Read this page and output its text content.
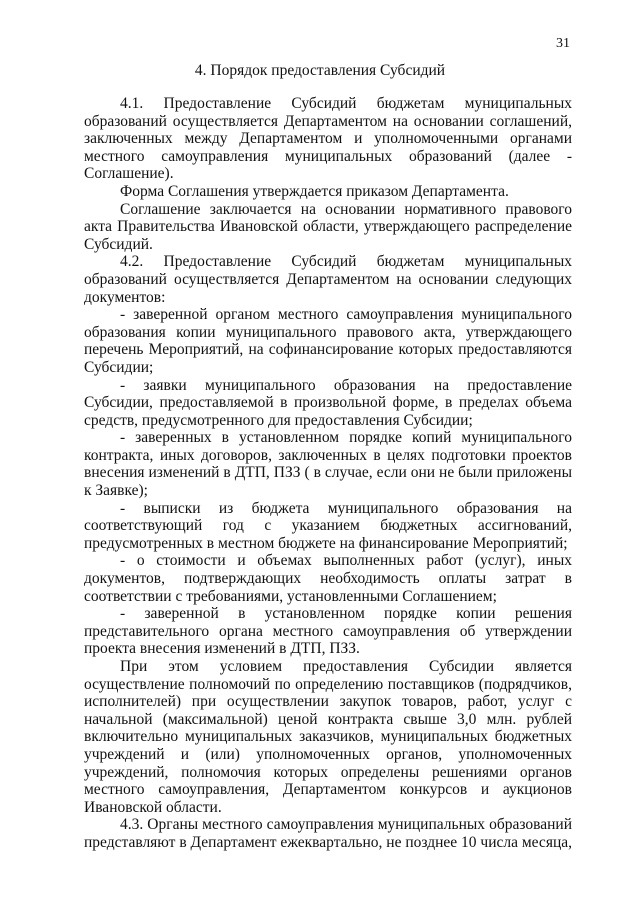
31
4. Порядок предоставления Субсидий

4.1. Предоставление Субсидий бюджетам муниципальных образований осуществляется Департаментом на основании соглашений, заключенных между Департаментом и уполномоченными органами местного самоуправления муниципальных образований (далее - Соглашение).

Форма Соглашения утверждается приказом Департамента.

Соглашение заключается на основании нормативного правового акта Правительства Ивановской области, утверждающего распределение Субсидий.

4.2. Предоставление Субсидий бюджетам муниципальных образований осуществляется Департаментом на основании следующих документов:

- заверенной органом местного самоуправления муниципального образования копии муниципального правового акта, утверждающего перечень Мероприятий, на софинансирование которых предоставляются Субсидии;

- заявки муниципального образования на предоставление Субсидии, предоставляемой в произвольной форме, в пределах объема средств, предусмотренного для предоставления Субсидии;

- заверенных в установленном порядке копий муниципального контракта, иных договоров, заключенных в целях подготовки проектов внесения изменений в ДТП, ПЗЗ ( в случае, если они не были приложены к Заявке);

- выписки из бюджета муниципального образования на соответствующий год с указанием бюджетных ассигнований, предусмотренных в местном бюджете на финансирование Мероприятий;

- о стоимости и объемах выполненных работ (услуг), иных документов, подтверждающих необходимость оплаты затрат в соответствии с требованиями, установленными Соглашением;

- заверенной в установленном порядке копии решения представительного органа местного самоуправления об утверждении проекта внесения изменений в ДТП, ПЗЗ.

При этом условием предоставления Субсидии является осуществление полномочий по определению поставщиков (подрядчиков, исполнителей) при осуществлении закупок товаров, работ, услуг с начальной (максимальной) ценой контракта свыше 3,0 млн. рублей включительно муниципальных заказчиков, муниципальных бюджетных учреждений и (или) уполномоченных органов, уполномоченных учреждений, полномочия которых определены решениями органов местного самоуправления, Департаментом конкурсов и аукционов Ивановской области.

4.3. Органы местного самоуправления муниципальных образований представляют в Департамент ежеквартально, не позднее 10 числа месяца,
